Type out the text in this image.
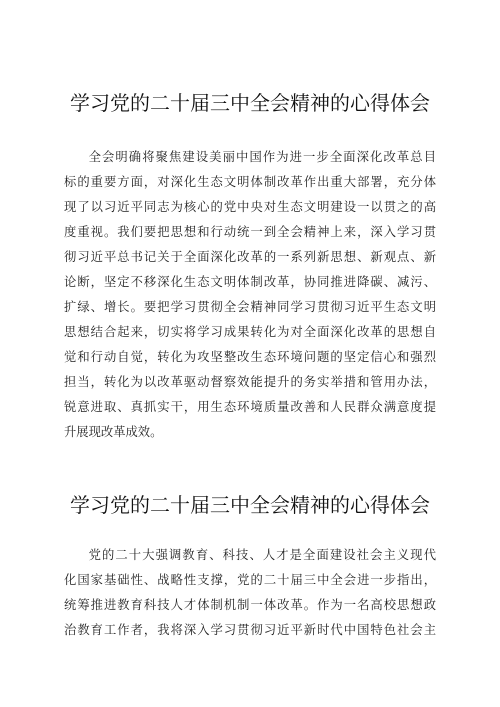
学习党的二十届三中全会精神的心得体会
全会明确将聚焦建设美丽中国作为进一步全面深化改革总目
标的重要方面，对深化生态文明体制改革作出重大部署，充分体
现了以习近平同志为核心的党中央对生态文明建设一以贯之的高
度重视。我们要把思想和行动统一到全会精神上来，深入学习贯
彻习近平总书记关于全面深化改革的一系列新思想、新观点、新
论断，坚定不移深化生态文明体制改革，协同推进降碳、减污、
扩绿、增长。要把学习贯彻全会精神同学习贯彻习近平生态文明
思想结合起来，切实将学习成果转化为对全面深化改革的思想自
觉和行动自觉，转化为攻坚整改生态环境问题的坚定信心和强烈
担当，转化为以改革驱动督察效能提升的务实举措和管用办法，
锐意进取、真抓实干，用生态环境质量改善和人民群众满意度提
升展现改革成效。
学习党的二十届三中全会精神的心得体会
党的二十大强调教育、科技、人才是全面建设社会主义现代
化国家基础性、战略性支撑，党的二十届三中全会进一步指出，
统筹推进教育科技人才体制机制一体改革。作为一名高校思想政
治教育工作者，我将深入学习贯彻习近平新时代中国特色社会主
